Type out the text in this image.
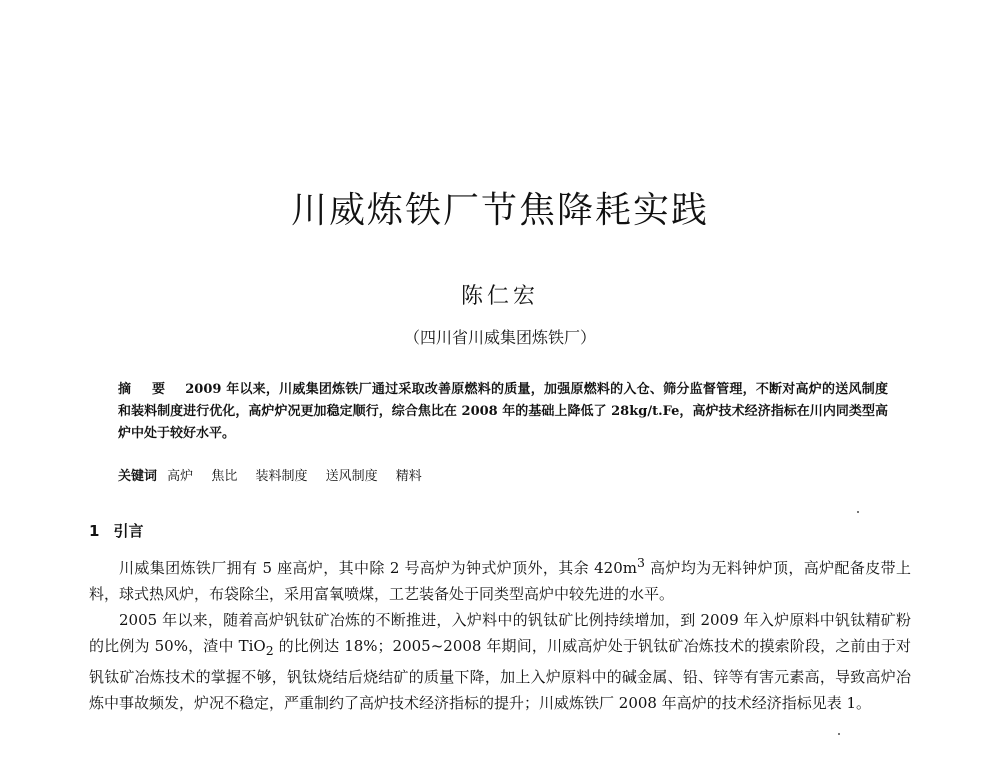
川威炼铁厂节焦降耗实践
陈仁宏
（四川省川威集团炼铁厂）
摘 要 2009 年以来，川威集团炼铁厂通过采取改善原燃料的质量，加强原燃料的入仓、筛分监督管理，不断对高炉的送风制度和装料制度进行优化，高炉炉况更加稳定顺行，综合焦比在 2008 年的基础上降低了 28kg/t.Fe，高炉技术经济指标在川内同类型高炉中处于较好水平。
关键词 高炉 焦比 装料制度 送风制度 精料
1 引言

川威集团炼铁厂拥有 5 座高炉，其中除 2 号高炉为钟式炉顶外，其余 $420m^3$ 高炉均为无料钟炉顶，高炉配备皮带上料，球式热风炉，布袋除尘，采用富氧喷煤，工艺装备处于同类型高炉中较先进的水平。

2005 年以来，随着高炉钒钛矿冶炼的不断推进，入炉料中的钒钛矿比例持续增加，到 2009 年入炉原料中钒钛精矿粉的比例为 50%，渣中 TiO$_2$ 的比例达 18%；2005~2008 年期间，川威高炉处于钒钛矿冶炼技术的摸索阶段，之前由于对钒钛矿冶炼技术的掌握不够，钒钛烧结后烧结矿的质量下降，加上入炉原料中的碱金属、铅、锌等有害元素高，导致高炉冶炼中事故频发，炉况不稳定，严重制约了高炉技术经济指标的提升；川威炼铁厂 2008 年高炉的技术经济指标见表 1。
